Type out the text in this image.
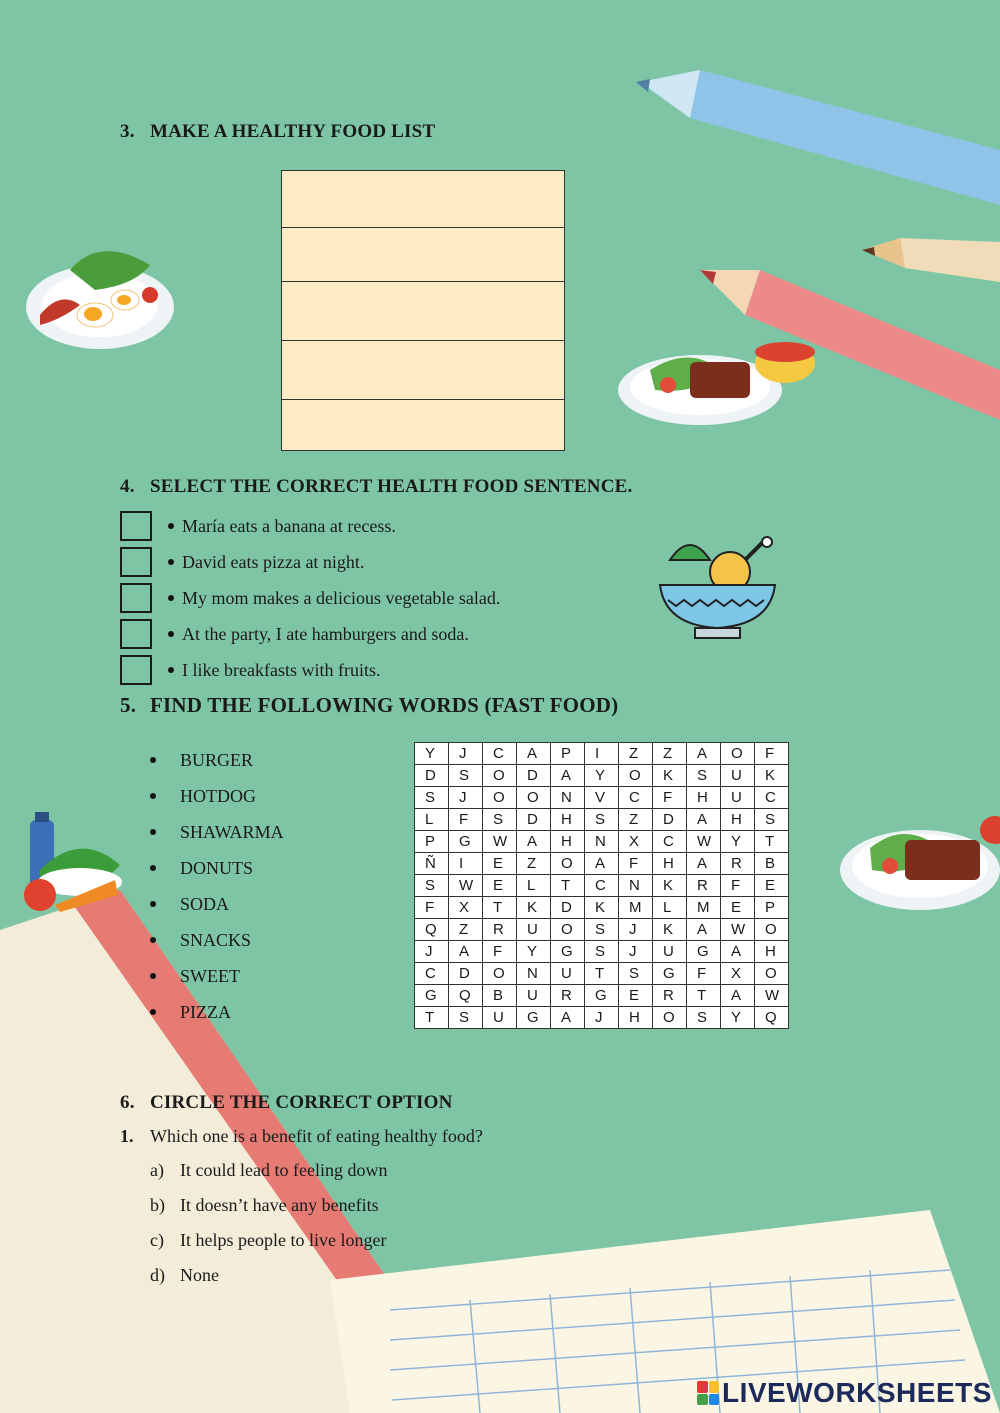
3. MAKE A HEALTHY FOOD LIST
4. SELECT THE CORRECT HEALTH FOOD SENTENCE.
María eats a banana at recess.
David eats pizza at night.
My mom makes a delicious vegetable salad.
At the party, I ate hamburgers and soda.
I like breakfasts with fruits.
5. FIND THE FOLLOWING WORDS (FAST FOOD)
BURGER
HOTDOG
SHAWARMA
DONUTS
SODA
SNACKS
SWEET
PIZZA
Y	J	C	A	P	I	Z	Z	A	O	F
D	S	O	D	A	Y	O	K	S	U	K
S	J	O	O	N	V	C	F	H	U	C
L	F	S	D	H	S	Z	D	A	H	S
P	G	W	A	H	N	X	C	W	Y	T
Ñ	I	E	Z	O	A	F	H	A	R	B
S	W	E	L	T	C	N	K	R	F	E
F	X	T	K	D	K	M	L	M	E	P
Q	Z	R	U	O	S	J	K	A	W	O
J	A	F	Y	G	S	J	U	G	A	H
C	D	O	N	U	T	S	G	F	X	O
G	Q	B	U	R	G	E	R	T	A	W
T	S	U	G	A	J	H	O	S	Y	Q
6. CIRCLE THE CORRECT OPTION
1. Which one is a benefit of eating healthy food?
a) It could lead to feeling down
b) It doesn’t have any benefits
c) It helps people to live longer
d) None
LIVEWORKSHEETS
